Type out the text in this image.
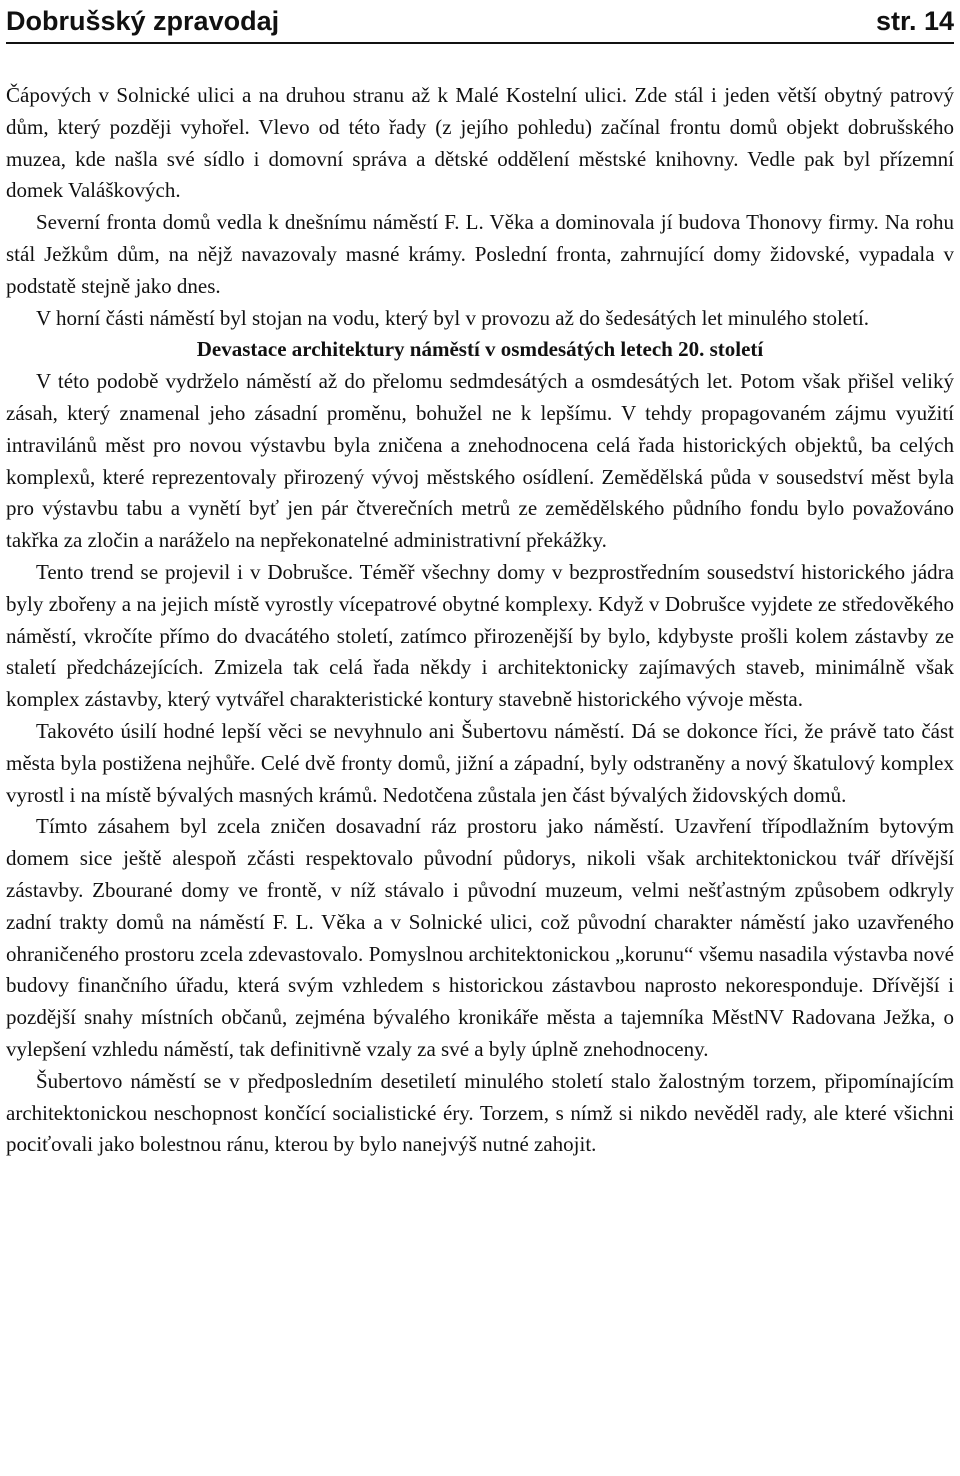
Dobrušský zpravodaj	str. 14

Čápových v Solnické ulici a na druhou stranu až k Malé Kostelní ulici. Zde stál i jeden větší obytný patrový dům, který později vyhořel. Vlevo od této řady (z jejího pohledu) začínal frontu domů objekt dobrušského muzea, kde našla své sídlo i domovní správa a dětské oddělení městské knihovny. Vedle pak byl přízemní domek Valáškových.

Severní fronta domů vedla k dnešnímu náměstí F. L. Věka a dominovala jí budova Thonovy firmy. Na rohu stál Ježkům dům, na nějž navazovaly masné krámy. Poslední fronta, zahrnující domy židovské, vypadala v podstatě stejně jako dnes.

V horní části náměstí byl stojan na vodu, který byl v provozu až do šedesátých let minulého století.

Devastace architektury náměstí v osmdesátých letech 20. století

V této podobě vydrželo náměstí až do přelomu sedmdesátých a osmdesátých let. Potom však přišel veliký zásah, který znamenal jeho zásadní proměnu, bohužel ne k lepšímu. V tehdy propagovaném zájmu využití intravilánů měst pro novou výstavbu byla zničena a znehodnocena celá řada historických objektů, ba celých komplexů, které reprezentovaly přirozený vývoj městského osídlení. Zemědělská půda v sousedství měst byla pro výstavbu tabu a vynětí byť jen pár čtverečních metrů ze zemědělského půdního fondu bylo považováno takřka za zločin a naráželo na nepřekonatelné administrativní překážky.

Tento trend se projevil i v Dobrušce. Téměř všechny domy v bezprostředním sousedství historického jádra byly zbořeny a na jejich místě vyrostly vícepatrové obytné komplexy. Když v Dobrušce vyjdete ze středověkého náměstí, vkročíte přímo do dvacátého století, zatímco přirozenější by bylo, kdybyste prošli kolem zástavby ze staletí předcházejících. Zmizela tak celá řada někdy i architektonicky zajímavých staveb, minimálně však komplex zástavby, který vytvářel charakteristické kontury stavebně historického vývoje města.

Takovéto úsilí hodné lepší věci se nevyhnulo ani Šubertovu náměstí. Dá se dokonce říci, že právě tato část města byla postižena nejhůře. Celé dvě fronty domů, jižní a západní, byly odstraněny a nový škatulový komplex vyrostl i na místě bývalých masných krámů. Nedotčena zůstala jen část bývalých židovských domů.

Tímto zásahem byl zcela zničen dosavadní ráz prostoru jako náměstí. Uzavření třípodlažním bytovým domem sice ještě alespoň zčásti respektovalo původní půdorys, nikoli však architektonickou tvář dřívější zástavby. Zbourané domy ve frontě, v níž stávalo i původní muzeum, velmi nešťastným způsobem odkryly zadní trakty domů na náměstí F. L. Věka a v Solnické ulici, což původní charakter náměstí jako uzavřeného ohraničeného prostoru zcela zdevastovalo. Pomyslnou architektonickou „korunu“ všemu nasadila výstavba nové budovy finančního úřadu, která svým vzhledem s historickou zástavbou naprosto nekoresponduje. Dřívější i pozdější snahy místních občanů, zejména bývalého kronikáře města a tajemníka MěstNV Radovana Ježka, o vylepšení vzhledu náměstí, tak definitivně vzaly za své a byly úplně znehodnoceny.

Šubertovo náměstí se v předposledním desetiletí minulého století stalo žalostným torzem, připomínajícím architektonickou neschopnost končící socialistické éry. Torzem, s nímž si nikdo nevěděl rady, ale které všichni pociťovali jako bolestnou ránu, kterou by bylo nanejvýš nutné zahojit.
